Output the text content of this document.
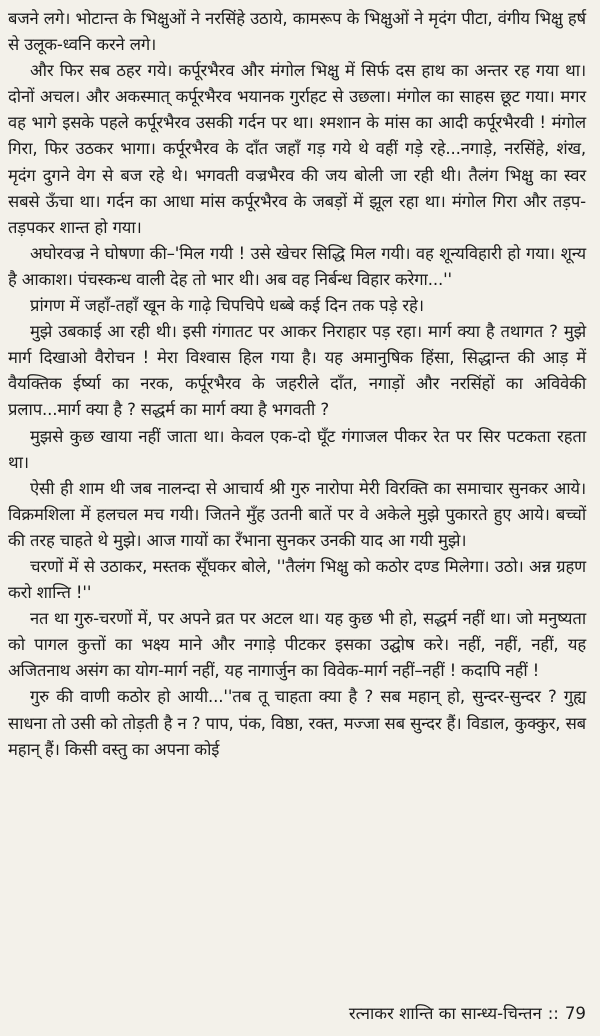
बजने लगे। भोटान्त के भिक्षुओं ने नरसिंहे उठाये, कामरूप के भिक्षुओं ने मृदंग पीटा, वंगीय भिक्षु हर्ष से उलूक-ध्वनि करने लगे।

और फिर सब ठहर गये। कर्पूरभैरव और मंगोल भिक्षु में सिर्फ दस हाथ का अन्तर रह गया था। दोनों अचल। और अकस्मात् कर्पूरभैरव भयानक गुर्राहट से उछला। मंगोल का साहस छूट गया। मगर वह भागे इसके पहले कर्पूरभैरव उसकी गर्दन पर था। श्मशान के मांस का आदी कर्पूरभैरवी ! मंगोल गिरा, फिर उठकर भागा। कर्पूरभैरव के दाँत जहाँ गड़ गये थे वहीं गड़े रहे...नगाड़े, नरसिंहे, शंख, मृदंग दुगने वेग से बज रहे थे। भगवती वज्रभैरव की जय बोली जा रही थी। तैलंग भिक्षु का स्वर सबसे ऊँचा था। गर्दन का आधा मांस कर्पूरभैरव के जबड़ों में झूल रहा था। मंगोल गिरा और तड़प-तड़पकर शान्त हो गया।

अघोरवज्र ने घोषणा की–'मिल गयी ! उसे खेचर सिद्धि मिल गयी। वह शून्यविहारी हो गया। शून्य है आकाश। पंचस्कन्ध वाली देह तो भार थी। अब वह निर्बन्ध विहार करेगा...''

प्रांगण में जहाँ-तहाँ खून के गाढ़े चिपचिपे धब्बे कई दिन तक पड़े रहे।

मुझे उबकाई आ रही थी। इसी गंगातट पर आकर निराहार पड़ रहा। मार्ग क्या है तथागत ? मुझे मार्ग दिखाओ वैरोचन ! मेरा विश्वास हिल गया है। यह अमानुषिक हिंसा, सिद्धान्त की आड़ में वैयक्तिक ईर्ष्या का नरक, कर्पूरभैरव के जहरीले दाँत, नगाड़ों और नरसिंहों का अविवेकी प्रलाप...मार्ग क्या है ? सद्धर्म का मार्ग क्या है भगवती ?

मुझसे कुछ खाया नहीं जाता था। केवल एक-दो घूँट गंगाजल पीकर रेत पर सिर पटकता रहता था।

ऐसी ही शाम थी जब नालन्दा से आचार्य श्री गुरु नारोपा मेरी विरक्ति का समाचार सुनकर आये। विक्रमशिला में हलचल मच गयी। जितने मुँह उतनी बातें पर वे अकेले मुझे पुकारते हुए आये। बच्चों की तरह चाहते थे मुझे। आज गायों का रँभाना सुनकर उनकी याद आ गयी मुझे।

चरणों में से उठाकर, मस्तक सूँघकर बोले, ''तैलंग भिक्षु को कठोर दण्ड मिलेगा। उठो। अन्न ग्रहण करो शान्ति !''

नत था गुरु-चरणों में, पर अपने व्रत पर अटल था। यह कुछ भी हो, सद्धर्म नहीं था। जो मनुष्यता को पागल कुत्तों का भक्ष्य माने और नगाड़े पीटकर इसका उद्घोष करे। नहीं, नहीं, नहीं, यह अजितनाथ असंग का योग-मार्ग नहीं, यह नागार्जुन का विवेक-मार्ग नहीं–नहीं ! कदापि नहीं !

गुरु की वाणी कठोर हो आयी...''तब तू चाहता क्या है ? सब महान् हो, सुन्दर-सुन्दर ? गुह्य साधना तो उसी को तोड़ती है न ? पाप, पंक, विष्ठा, रक्त, मज्जा सब सुन्दर हैं। विडाल, कुक्कुर, सब महान् हैं। किसी वस्तु का अपना कोई

रत्नाकर शान्ति का सान्ध्य-चिन्तन :: 79
